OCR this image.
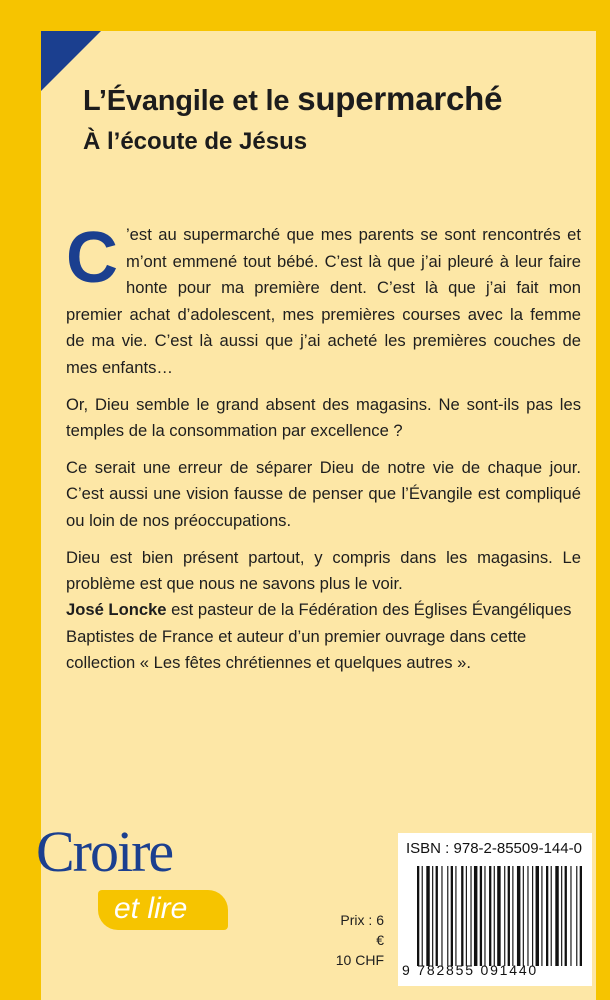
L’Évangile et le supermarché
À l’écoute de Jésus

C ’est au supermarché que mes parents se sont rencontrés et m’ont emmené tout bébé. C’est là que j’ai pleuré à leur faire honte pour ma première dent. C’est là que j’ai fait mon premier achat d’adolescent, mes premières courses avec la femme de ma vie. C’est là aussi que j’ai acheté les premières couches de mes enfants…

Or, Dieu semble le grand absent des magasins. Ne sont-ils pas les temples de la consommation par excellence ?

Ce serait une erreur de séparer Dieu de notre vie de chaque jour. C’est aussi une vision fausse de penser que l’Évangile est compliqué ou loin de nos préoccupations.

Dieu est bien présent partout, y compris dans les magasins. Le problème est que nous ne savons plus le voir.

José Loncke est pasteur de la Fédération des Églises Évangéliques Baptistes de France et auteur d’un premier ouvrage dans cette collection « Les fêtes chrétiennes et quelques autres ».
Croire
et lire	Prix : 6 €
10 CHF
ISBN : 978-2-85509-144-0
9 782855 091440
